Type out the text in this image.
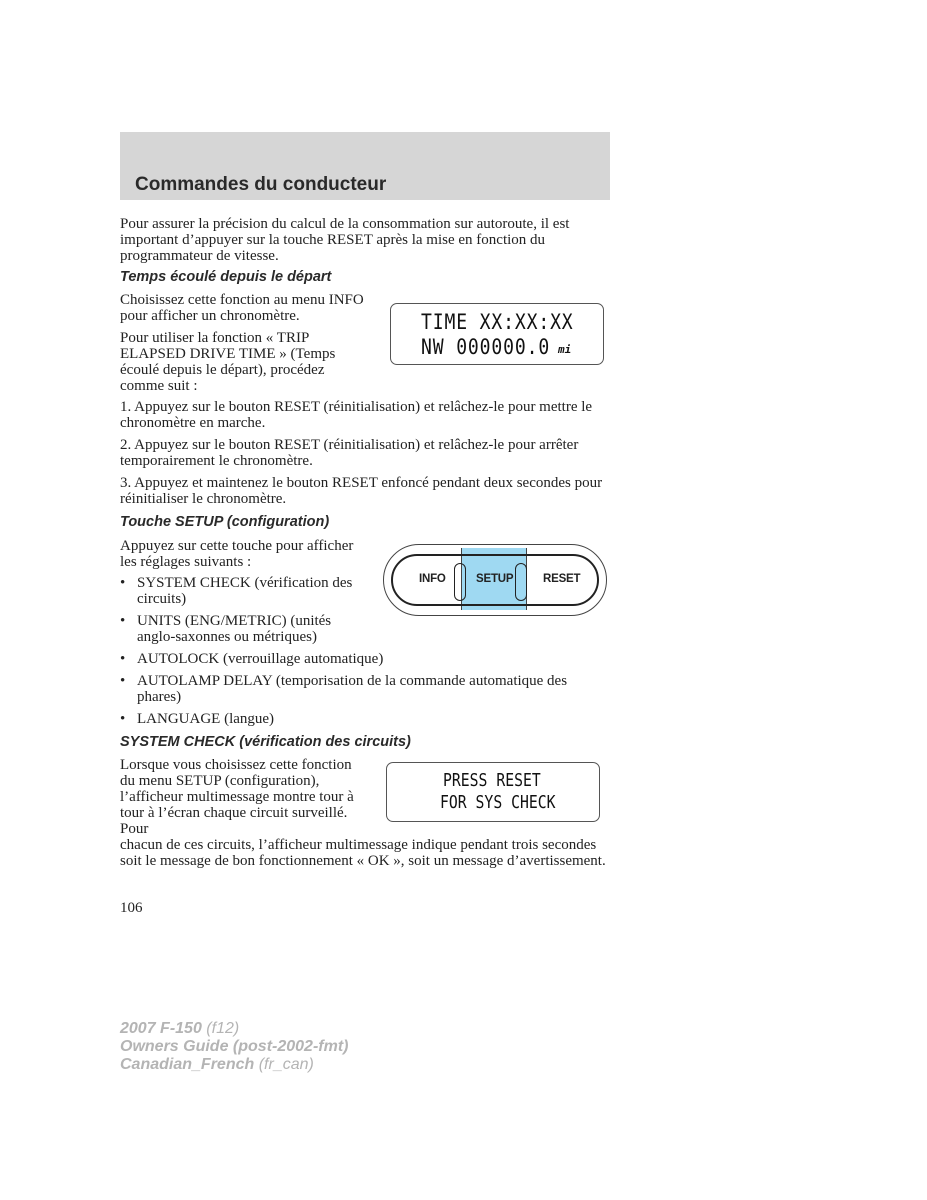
Commandes du conducteur

Pour assurer la précision du calcul de la consommation sur autoroute, il est important d’appuyer sur la touche RESET après la mise en fonction du programmateur de vitesse.

Temps écoulé depuis le départ

Choisissez cette fonction au menu INFO pour afficher un chronomètre.

Pour utiliser la fonction « TRIP ELAPSED DRIVE TIME » (Temps écoulé depuis le départ), procédez comme suit :

TIME XX:XX:XX
NW 000000.0 mi

1. Appuyez sur le bouton RESET (réinitialisation) et relâchez-le pour mettre le chronomètre en marche.

2. Appuyez sur le bouton RESET (réinitialisation) et relâchez-le pour arrêter temporairement le chronomètre.

3. Appuyez et maintenez le bouton RESET enfoncé pendant deux secondes pour réinitialiser le chronomètre.

Touche SETUP (configuration)

Appuyez sur cette touche pour afficher les réglages suivants :

• SYSTEM CHECK (vérification des circuits)

• UNITS (ENG/METRIC) (unités anglo-saxonnes ou métriques)

• AUTOLOCK (verrouillage automatique)

• AUTOLAMP DELAY (temporisation de la commande automatique des phares)

• LANGUAGE (langue)

INFO	SETUP	RESET
SYSTEM CHECK (vérification des circuits)

Lorsque vous choisissez cette fonction du menu SETUP (configuration), l’afficheur multimessage montre tour à tour à l’écran chaque circuit surveillé. Pour

chacun de ces circuits, l’afficheur multimessage indique pendant trois secondes soit le message de bon fonctionnement « OK », soit un message d’avertissement.

PRESS RESET
FOR SYS CHECK
106
2007 F-150 (f12)
Owners Guide (post-2002-fmt)
Canadian_French (fr_can)
